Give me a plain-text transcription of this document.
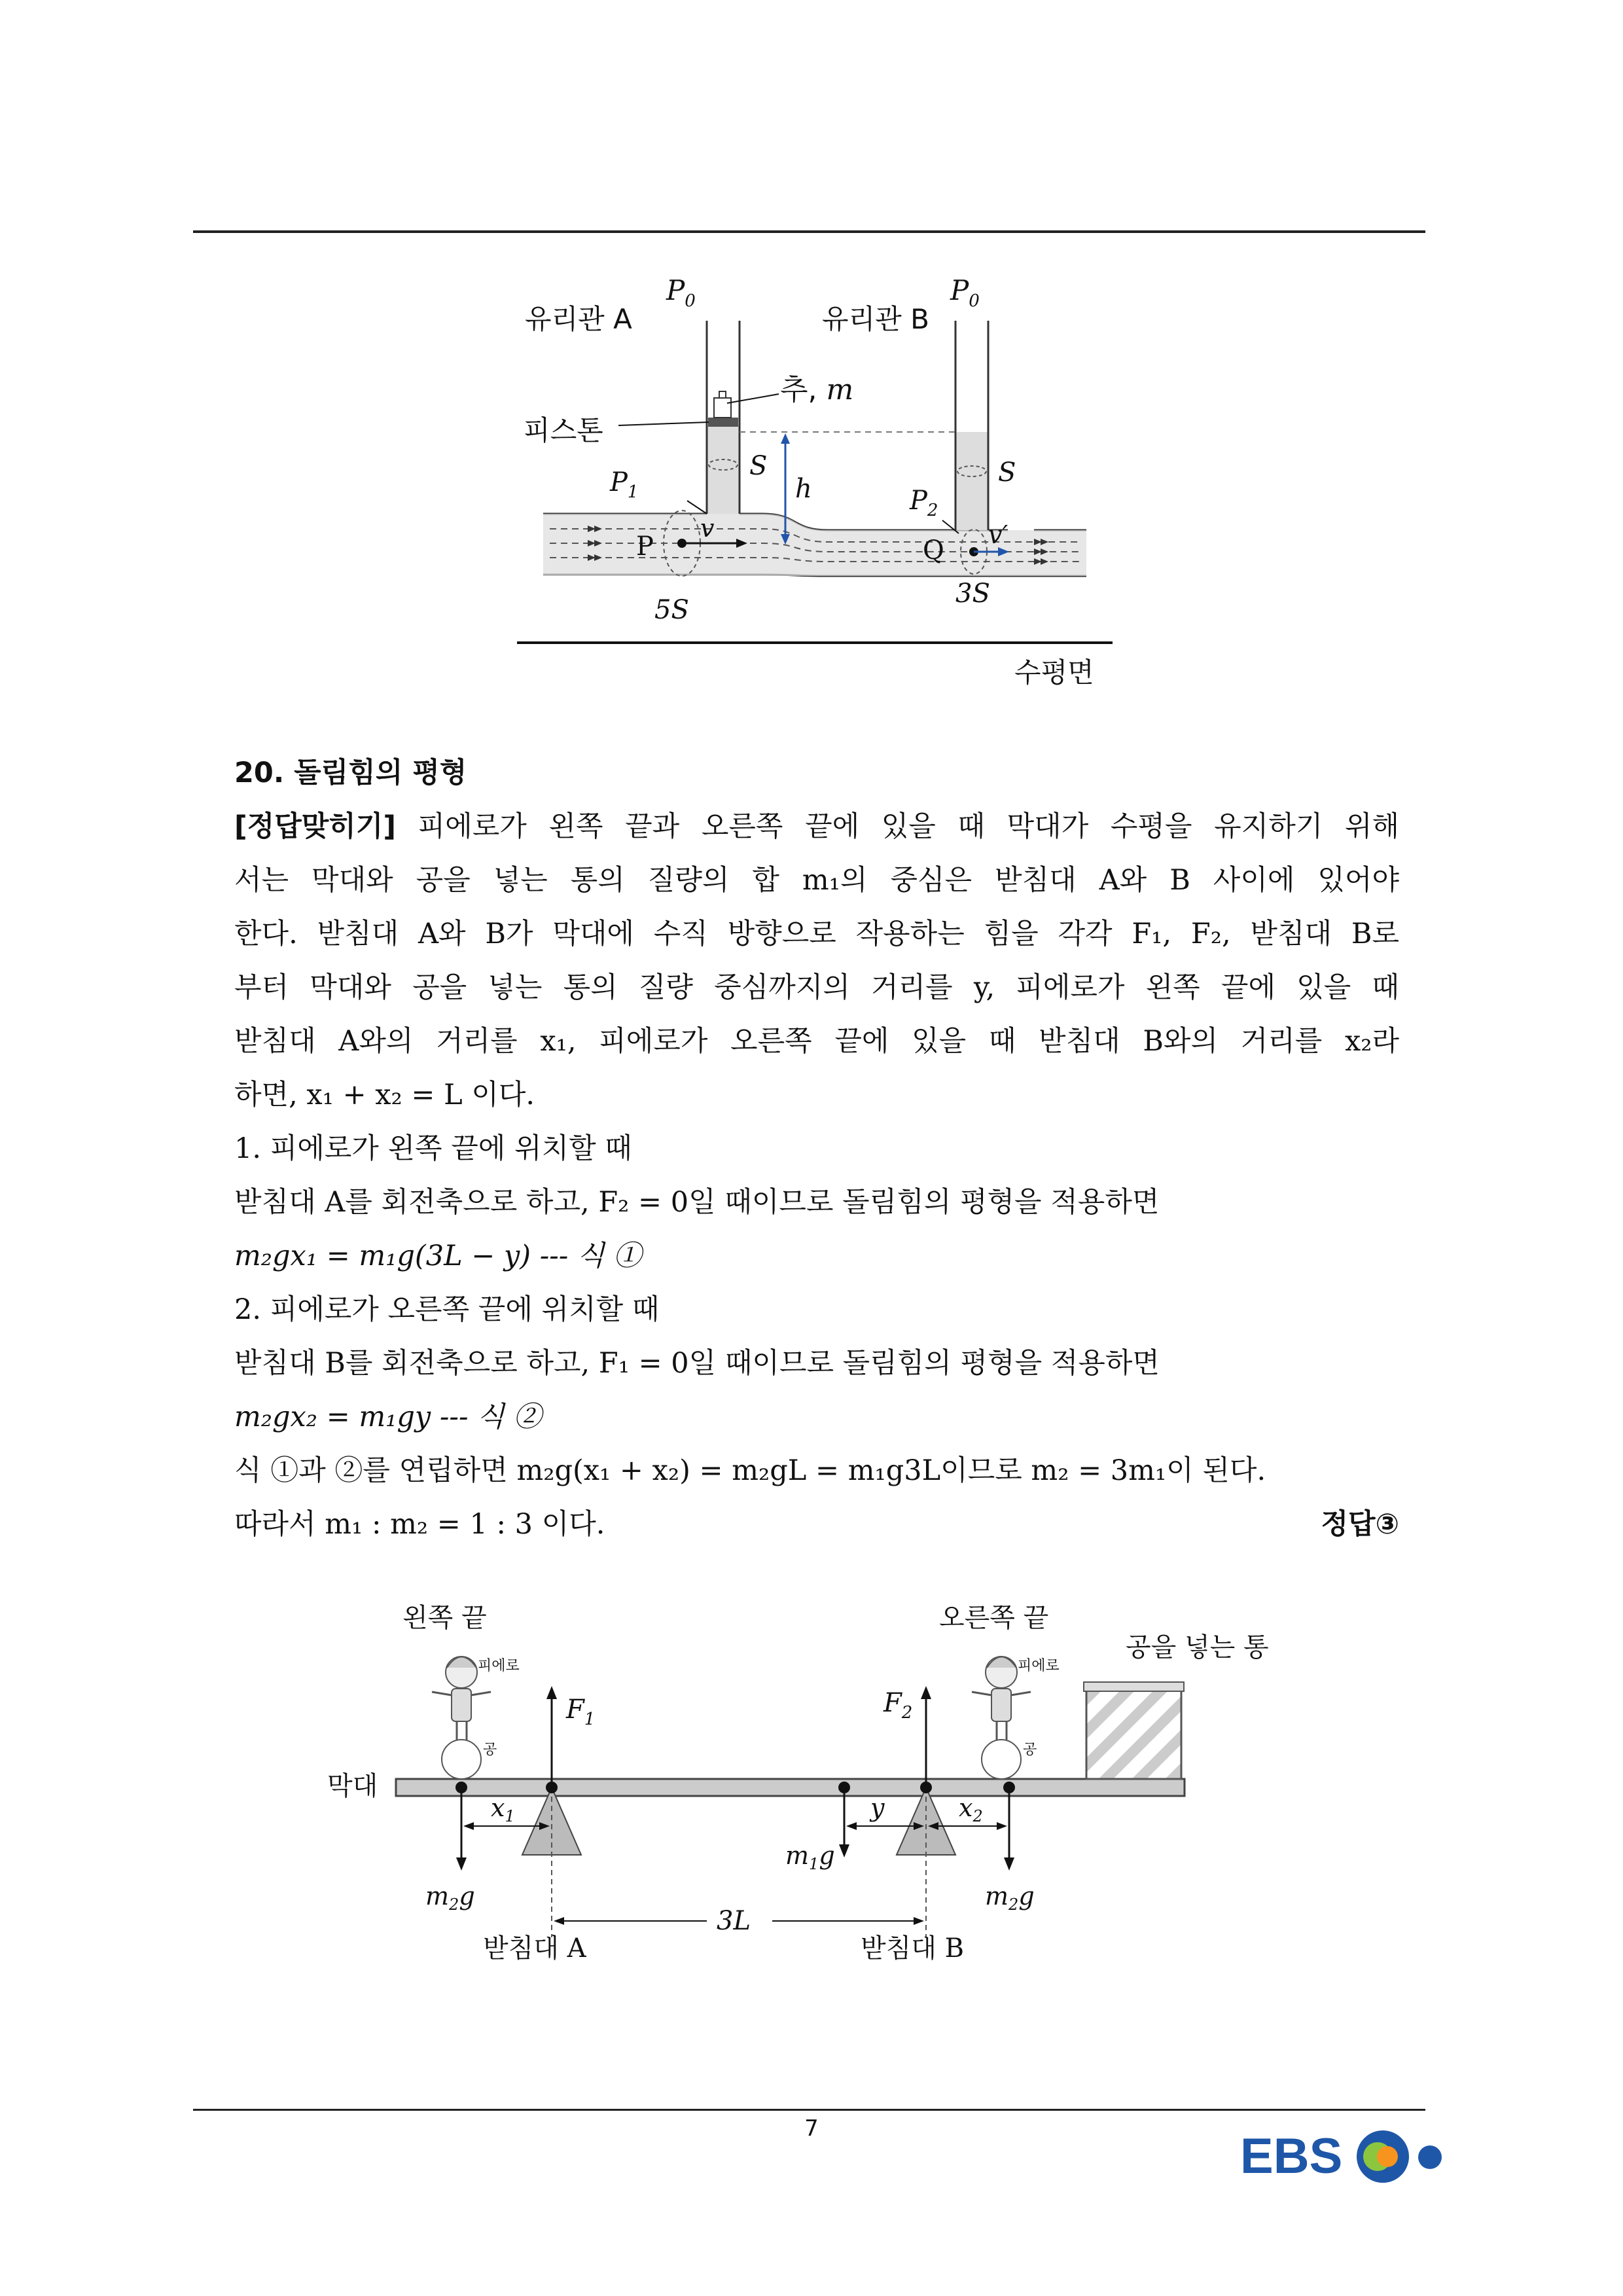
유리관 A	유리관 B
$P_0$	$P_0$
추, m
피스톤
S	S
$P_1$	$P_2$
h
P	Q
v	v′
5S
3S
수평면
20. 돌림힘의 평형
[정답맞히기] 피에로가 왼쪽 끝과 오른쪽 끝에 있을 때 막대가 수평을 유지하기 위해
서는 막대와 공을 넣는 통의 질량의 합 m₁의 중심은 받침대 A와 B 사이에 있어야
한다. 받침대 A와 B가 막대에 수직 방향으로 작용하는 힘을 각각 F₁, F₂, 받침대 B로
부터 막대와 공을 넣는 통의 질량 중심까지의 거리를 y, 피에로가 왼쪽 끝에 있을 때
받침대 A와의 거리를 x₁, 피에로가 오른쪽 끝에 있을 때 받침대 B와의 거리를 x₂라
하면, x₁ + x₂ = L 이다.
1. 피에로가 왼쪽 끝에 위치할 때
받침대 A를 회전축으로 하고, F₂ = 0일 때이므로 돌림힘의 평형을 적용하면
m₂gx₁ = m₁g(3L − y) --- 식 ①
2. 피에로가 오른쪽 끝에 위치할 때
받침대 B를 회전축으로 하고, F₁ = 0일 때이므로 돌림힘의 평형을 적용하면
m₂gx₂ = m₁gy --- 식 ②
식 ①과 ②를 연립하면 m₂g(x₁ + x₂) = m₂gL = m₁g3L이므로 m₂ = 3m₁이 된다.
따라서 m₁ : m₂ = 1 : 3 이다.	정답③
왼쪽 끝	오른쪽 끝
공을 넣는 통
막대
피에로
공
피에로
공
$F_1$
$F_2$
$m_2g$	$m_2g$
$m_1g$
$x_1$	y	$x_2$
3L
받침대 A	받침대 B
7	EBS
